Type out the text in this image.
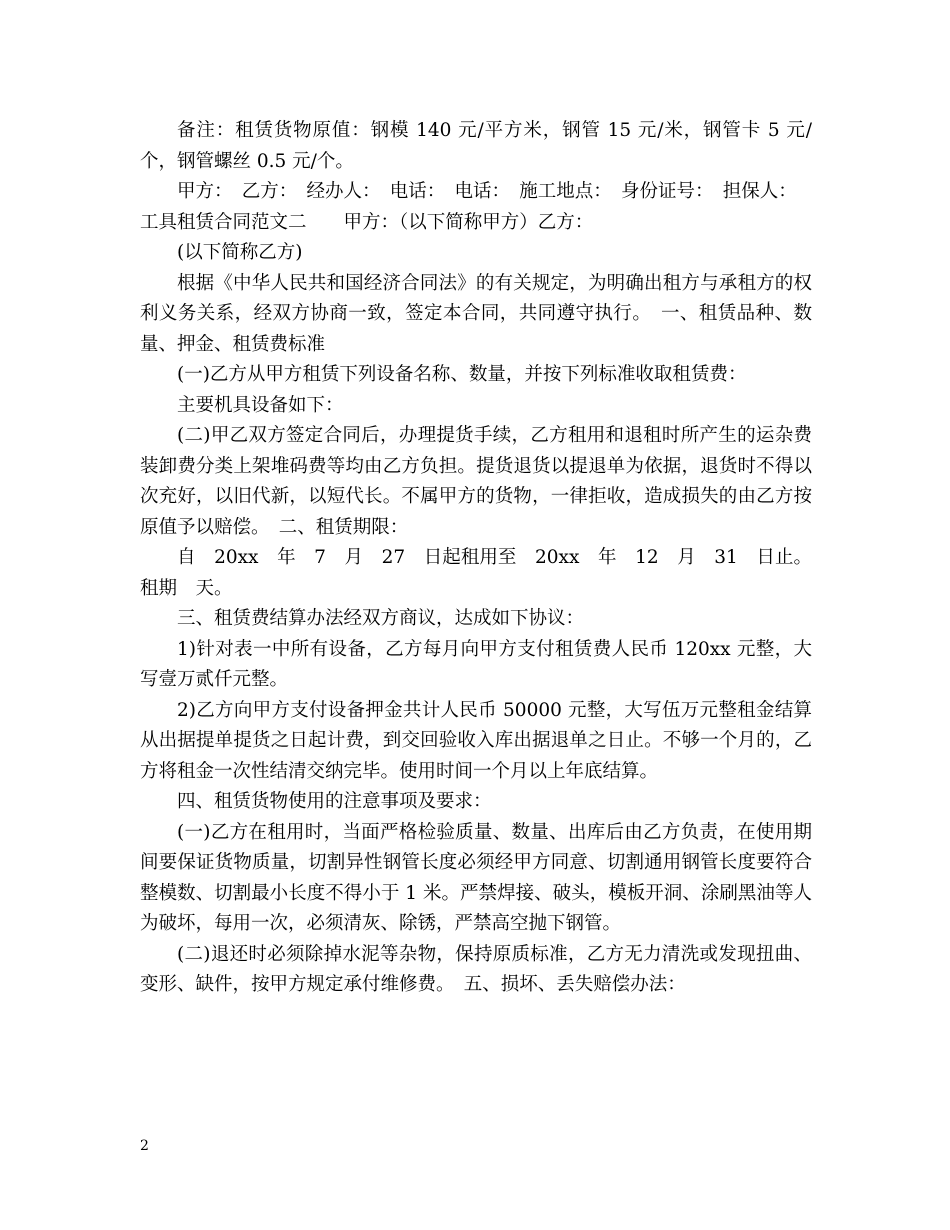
备注：租赁货物原值：钢模 140 元/平方米，钢管 15 元/米，钢管卡 5 元/个，钢管螺丝 0.5 元/个。

甲方：　乙方：　经办人：　电话：　电话：　施工地点：　身份证号：　担保人：

工具租赁合同范文二　　甲方：（以下简称甲方）乙方：

(以下简称乙方)

根据《中华人民共和国经济合同法》的有关规定，为明确出租方与承租方的权利义务关系，经双方协商一致，签定本合同，共同遵守执行。　一、租赁品种、数量、押金、租赁费标准

(一)乙方从甲方租赁下列设备名称、数量，并按下列标准收取租赁费：

主要机具设备如下：

(二)甲乙双方签定合同后，办理提货手续，乙方租用和退租时所产生的运杂费装卸费分类上架堆码费等均由乙方负担。提货退货以提退单为依据，退货时不得以次充好，以旧代新，以短代长。不属甲方的货物，一律拒收，造成损失的由乙方按原值予以赔偿。　二、租赁期限：

自　20xx　年　7　月　27　日起租用至　20xx　年　12　月　31　日止。租期　天。

三、租赁费结算办法经双方商议，达成如下协议：

1)针对表一中所有设备，乙方每月向甲方支付租赁费人民币 120xx 元整，大写壹万贰仟元整。

2)乙方向甲方支付设备押金共计人民币 50000 元整，大写伍万元整租金结算从出据提单提货之日起计费，到交回验收入库出据退单之日止。不够一个月的，乙方将租金一次性结清交纳完毕。使用时间一个月以上年底结算。

四、租赁货物使用的注意事项及要求：

(一)乙方在租用时，当面严格检验质量、数量、出库后由乙方负责，在使用期间要保证货物质量，切割异性钢管长度必须经甲方同意、切割通用钢管长度要符合整模数、切割最小长度不得小于 1 米。严禁焊接、破头，模板开洞、涂刷黑油等人为破坏，每用一次，必须清灰、除锈，严禁高空抛下钢管。

(二)退还时必须除掉水泥等杂物，保持原质标准，乙方无力清洗或发现扭曲、变形、缺件，按甲方规定承付维修费。　五、损坏、丢失赔偿办法：

2
